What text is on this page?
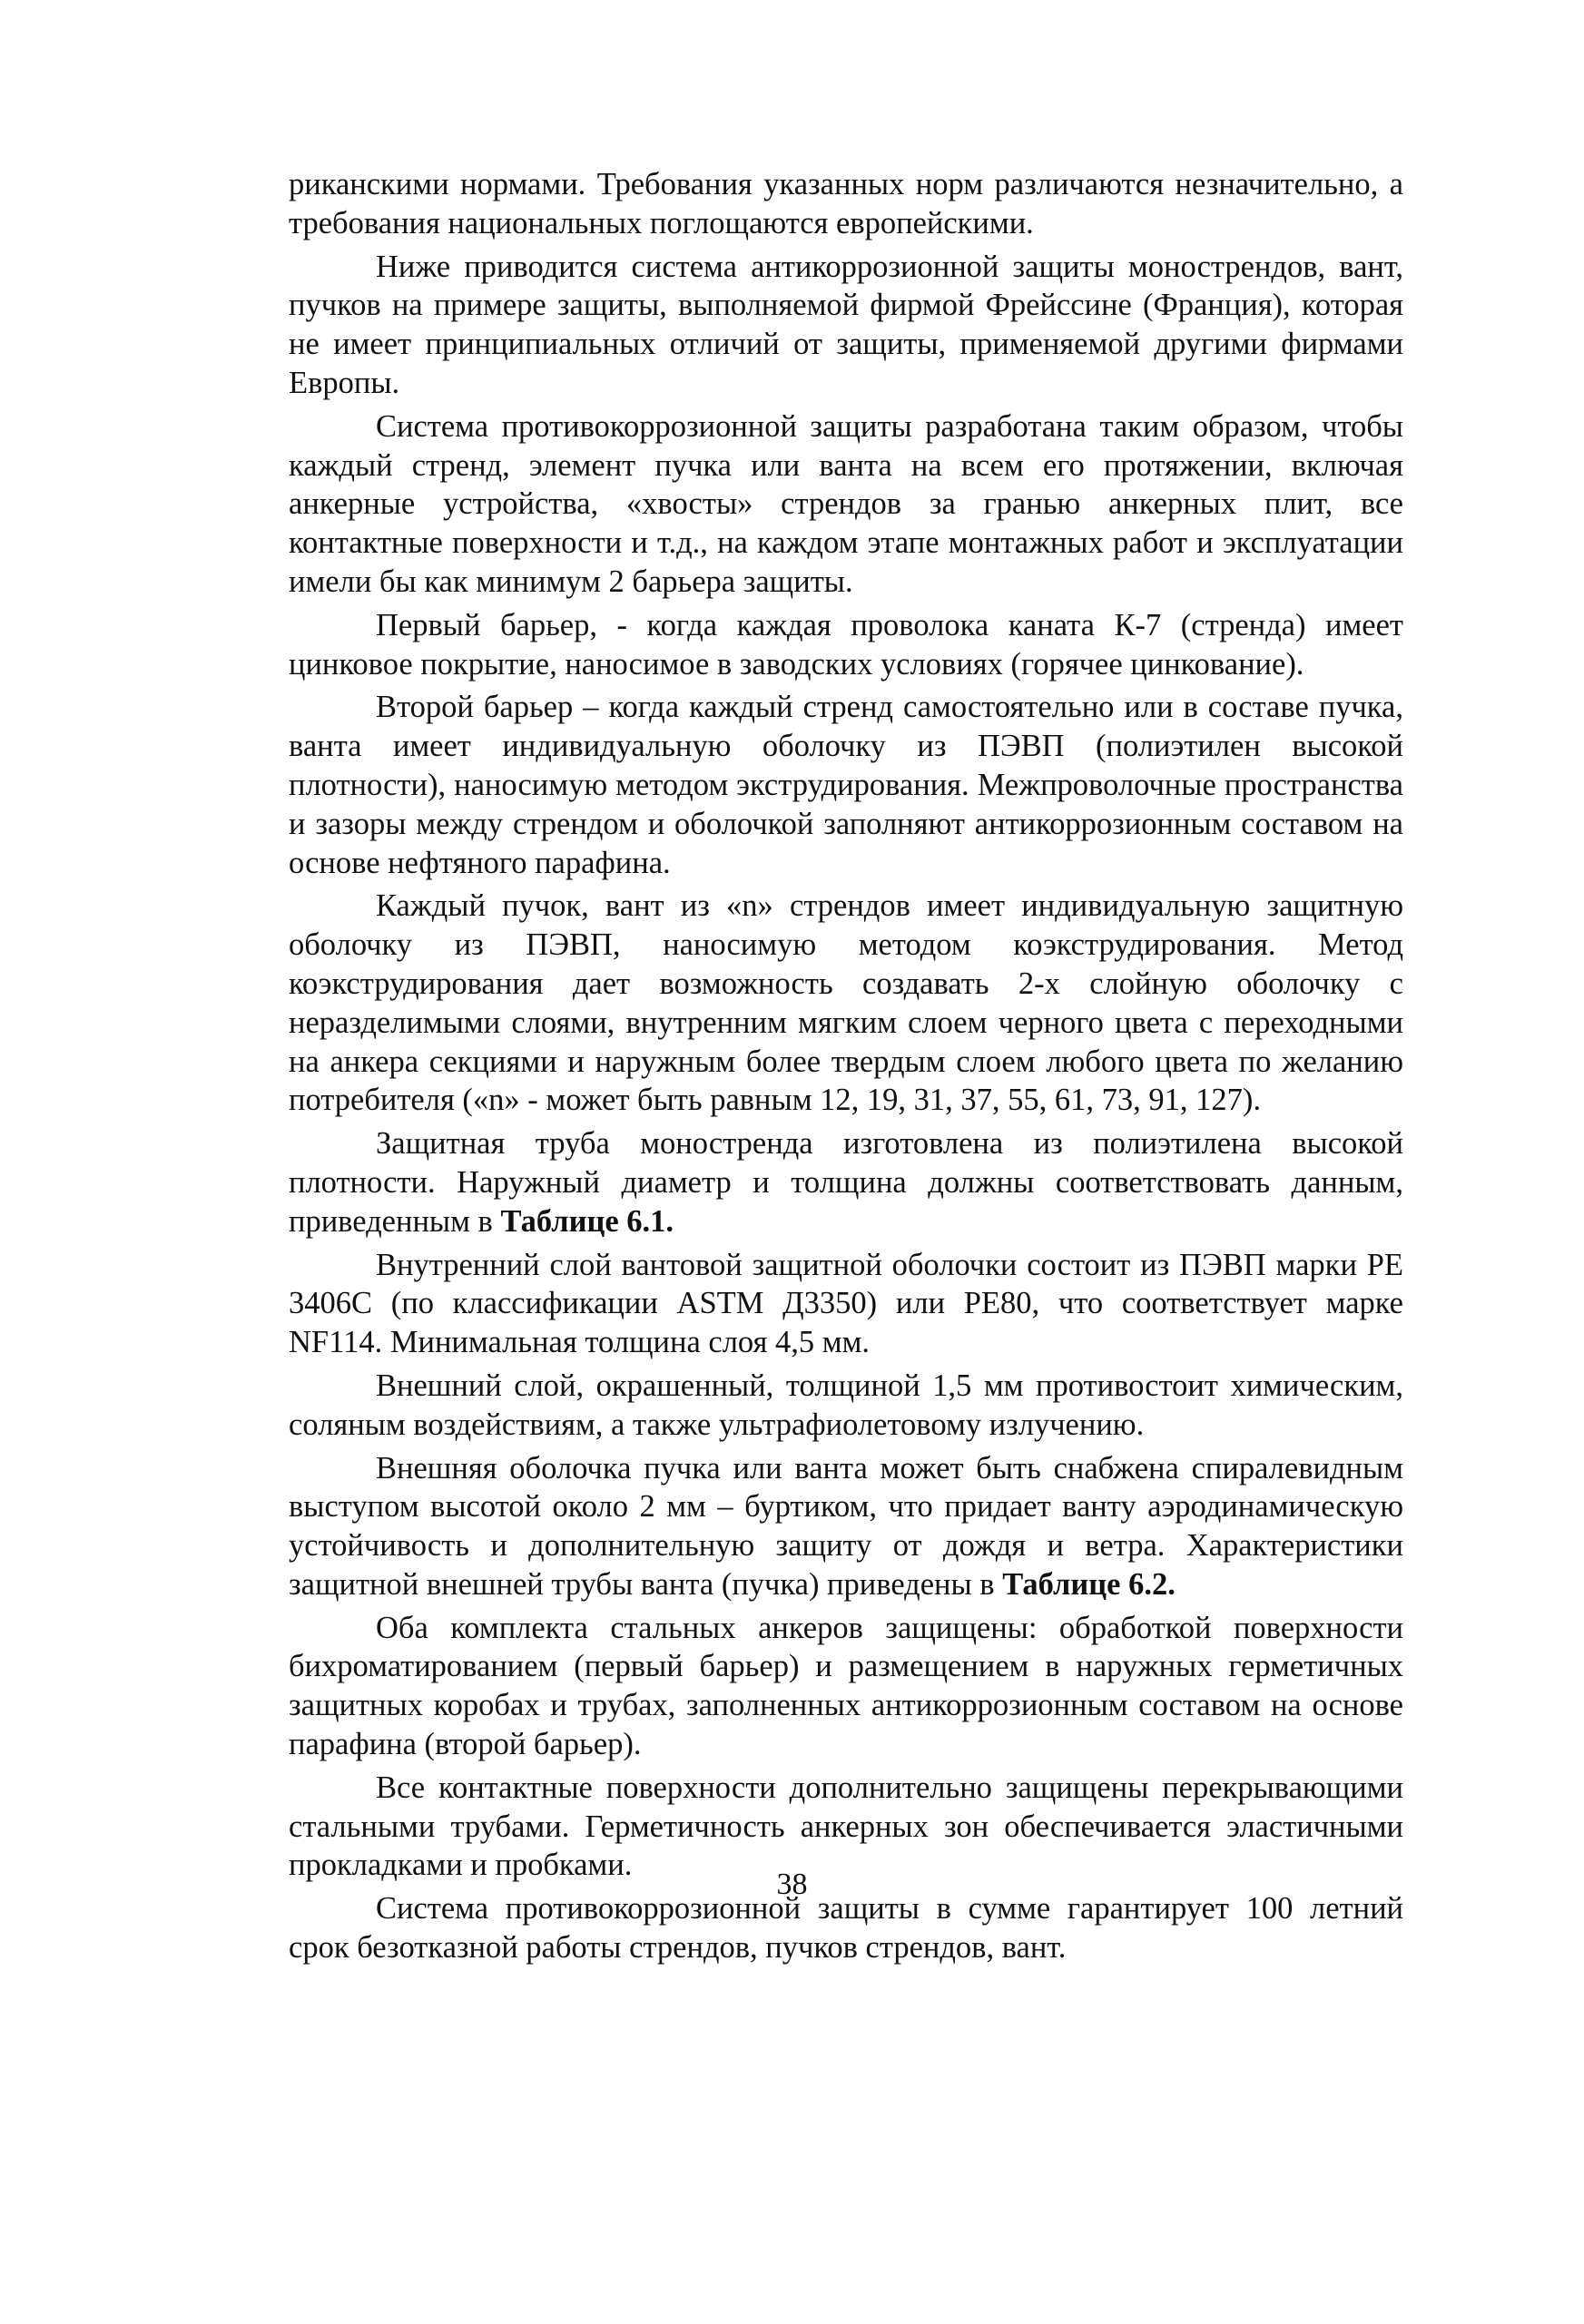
риканскими нормами. Требования указанных норм различаются незначительно, а требования национальных поглощаются европейскими.

Ниже приводится система антикоррозионной защиты монострендов, вант, пучков на примере защиты, выполняемой фирмой Фрейссине (Франция), которая не имеет принципиальных отличий от защиты, применяемой другими фирмами Европы.

Система противокоррозионной защиты разработана таким образом, чтобы каждый стренд, элемент пучка или ванта на всем его протяжении, включая анкерные устройства, «хвосты» стрендов за гранью анкерных плит, все контактные поверхности и т.д., на каждом этапе монтажных работ и эксплуатации имели бы как минимум 2 барьера защиты.

Первый барьер, - когда каждая проволока каната К-7 (стренда) имеет цинковое покрытие, наносимое в заводских условиях (горячее цинкование).

Второй барьер – когда каждый стренд самостоятельно или в составе пучка, ванта имеет индивидуальную оболочку из ПЭВП (полиэтилен высокой плотности), наносимую методом экструдирования. Межпроволочные пространства и зазоры между стрендом и оболочкой заполняют антикоррозионным составом на основе нефтяного парафина.

Каждый пучок, вант из «n» стрендов имеет индивидуальную защитную оболочку из ПЭВП, наносимую методом коэкструдирования. Метод коэкструдирования дает возможность создавать 2-х слойную оболочку с неразделимыми слоями, внутренним мягким слоем черного цвета с переходными на анкера секциями и наружным более твердым слоем любого цвета по желанию потребителя («n» - может быть равным 12, 19, 31, 37, 55, 61, 73, 91, 127).

Защитная труба монострендa изготовлена из полиэтилена высокой плотности. Наружный диаметр и толщина должны соответствовать данным, приведенным в Таблице 6.1.

Внутренний слой вантовой защитной оболочки состоит из ПЭВП марки PE 3406С (по классификации ASTM Д3350) или PE80, что соответствует марке NF114. Минимальная толщина слоя 4,5 мм.

Внешний слой, окрашенный, толщиной 1,5 мм противостоит химическим, соляным воздействиям, а также ультрафиолетовому излучению.

Внешняя оболочка пучка или ванта может быть снабжена спиралевидным выступом высотой около 2 мм – буртиком, что придает ванту аэродинамическую устойчивость и дополнительную защиту от дождя и ветра. Характеристики защитной внешней трубы ванта (пучка) приведены в Таблице 6.2.

Оба комплекта стальных анкеров защищены: обработкой поверхности бихроматированием (первый барьер) и размещением в наружных герметичных защитных коробах и трубах, заполненных антикоррозионным составом на основе парафина (второй барьер).

Все контактные поверхности дополнительно защищены перекрывающими стальными трубами. Герметичность анкерных зон обеспечивается эластичными прокладками и пробками.

Система противокоррозионной защиты в сумме гарантирует 100 летний срок безотказной работы стрендов, пучков стрендов, вант.

38
